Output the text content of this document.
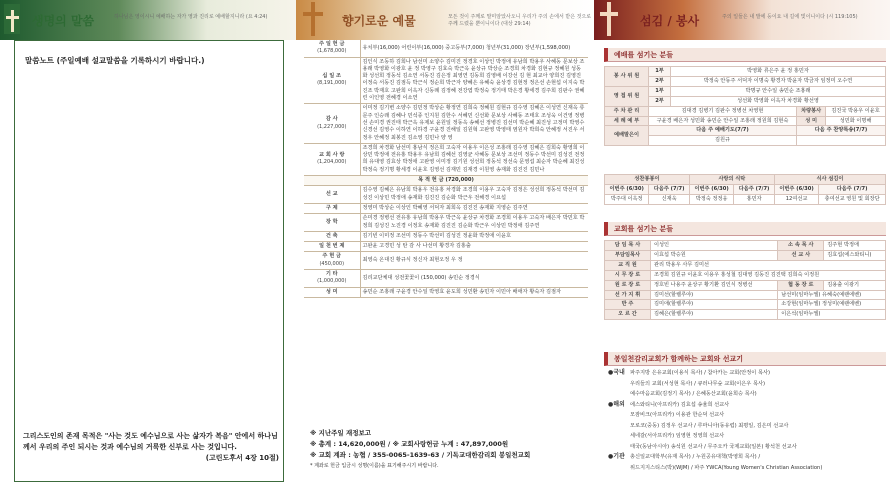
생명의 말씀	하나님은 영이시니 예배하는 자가 영과 진리로 예배할지니라 (요 4:24)
말씀노트 (주일예배 설교말씀을 기록하시기 바랍니다.)
그리스도인의 존재 목적은 "사는 것도 예수님으로 사는 삶자가 복음" 안에서 하나님께서 우리의 주인 되시는 것과 예수님의 거룩한 신부로 사는 것입니다.
(고린도후서 4장 10절)
향기로운 예물	모든 것이 주께로 말미암았사오니 우리가 주의 손에서 받은 것으로 주께 드렸을 뿐이니이다 (대상 29:14)
주 일 헌 금
(1,678,000)	유치부(16,000) 어린이부(16,000) 중고등부(7,000) 청년부(31,000) 장년부(1,598,000)
십 일 조
(8,191,000)	김인식 조동하 김희나 남선미 소양수 김미진 정경호 이상인 박정애 유남희 박용우 사혜동 문보상 조용래 박영화 이광호 윤 정 박영구 김효숙 박근옥 윤상규 박상순 조경희 차경화 김현규 정혜원 성동화 성선희 정동석 김소연 서동진 김은정 최영연 김동희 김영배 이강선 김 현 최교아 양희진 김영진 이정숙 서동진 김점득 박근식 정순희 박근자 양혜은 유혜숙 윤상경 김현정 정은선 손현섭 이지숙 박진조 박재호 고완희 이옥자 신동례 김정혜 전강엽 박정숙 정기태 박은경 황세경 김주희 김판수 권혜린 이인영 전혜경 이소연
감 사
(1,227,000)	이미정 김기변 소양수 김민정 박상순 황정연 김희숙 정혜원 김현규 김수영 김혜은 이성연 신재옥 류문주 인승래 김혜나 민석종 인지원 김한수 서혜민 신선화 문보상 사혜동 조태호 조성욱 이건영 정병선 손미경 권진태 박근옥 유제보 윤원일 정동옥 송혜선 정병진 김선미 박순혜 최진성 고정미 박영수 신경선 김영수 이하연 이하경 구윤경 진해일 김원혁 고완영 박영태 염원자 박희숙 안혜정 서진우 서정우 안혜정 최봉진 김소영 김민나 양 영
교 회 사 랑
(1,204,000)	조경희 차경화 남선미 홍남식 정은희 고숙자 이용우 이은성 조홍래 김수영 김혜은 김희숙 황영희 이상민 박정애 전유홍 박용우 유남희 김혜선 김영균 사혜동 문보상 조선미 정동수 박선미 김성진 전정희 유대영 김효상 박정애 고완영 이미정 김기원 성선희 정동석 정선숙 문영섭 최순자 박순혜 최진성 박정숙 정기명 황세경 이윤호 김영선 김재민 김재경 이원영 송재화 김진진 김민나
목 적 헌 금 (720,000)	
선 교	김수영 김혜은 유남희 박용우 전유홍 차경화 조경희 이용우 고숙자 김정은 성선희 정동석 박선미 김성진 이상민 박정애 송재화 김진진 김순화 박근우 전해경 이요섭
구 제	정영미 박상순 이상인 박혜영 서덕자 최희옥 김진진 송재화 지영순 김주연
장 학	손미경 정병선 전유홍 유남희 박용우 박근옥 윤상규 차경화 조경희 이용우 고숙자 배은자 박민호 박정희 김성진 노진경 이정호 송재화 김진진 김순화 박근우 이상민 박정애 김주연
건 축	김기빈 이미정 조선미 정동수 박선미 김성진 정윤화 박정애 이윤호
일 천 번 제	고완윤 고경민 성 탄 감 사 나선미 황경자 김홍출
주 현 금
(450,000)	최영숙 온대진 황규식 정신자 최현오정 우 정
기 타
(1,000,000)	김리교단체대 성전꽃꽃이 (150,000) 송민순 정경식
성 미	송민순 조홍래 구윤경 안수일 박영효 윤도희 성민환 송민자 이민아 배애자 황숙자 김점자
※ 지난주일 재정보고
※ 총계 : 14,620,000원 / ※ 교회사랑헌금 누계 : 47,897,000원
※ 교회 계좌 : 농협 / 355-0065-1639-63 / 기독교대한감리회 봉일천교회
* 계좌로 헌금 입금시 성명(이름)을 표기해주시기 바랍니다.
섬김 / 봉사	주의 일들은 내 발에 등이요 내 길에 빛이니이다 (시 119:105)
예배를 섬기는 분들
봉 사 위 원	1부	박영화 류은주 윤 정 홍민자		
	2부	박정숙 안동주 서덕자 이명숙 황경자 박윤자 박금자 임정미 오수연		
영 접 위 원	1부	박명규 안수일 송민순 조홍래		
	2부	성선화 박영화 이옥자 차경화 황선영		
주 차 관 리	김대경 김병기 김판수 정병선 차영현		차량봉사	김진국 박용우 이윤호
세 례 예 부	구윤경 배은자 성민화 송민순 안수일 조홍래 정원희 김현숙		성 미	성민화 이명해
예배말은이	다음 주 예배기도(7/7)		다음 주 찬양특송(7/7)	
	김원규			
교회를 섬기는 분들
담 임 목 사	이성인	소 속 목 사	김주현 박정애
부담임목사	이효섭 박승원	선 교 사	김효섭(에스와티니)
교 직 원	관리 박용우 사무 김미선		
시 무 장 로	조경희 김원규 이윤호 이용우 홍성철 김대영 김동진 김진택 김희숙 이정원		
원 로 장 로	정호빈 나용주 윤상구 황기환 김인식 정병선	협 동 장 로	김용출 이광기
선 가 지 휘	김미선(할렐루야)	남선미(임마누엘) 유혜숙(예랜에벤)	
반 주	김미애(할렐루야)	소강현(임마누엘) 정성미(예랜에벤)	
오 르 간	김혜은(할렐루야)	이은석(임마누엘)	
봉일천감리교회가 함께하는 교회와 선교기
●국내 파주지방 은유교회(이용식 목사) / 참아카는 교회(안정이 목사)
우리들의 교회(서성현 목사) / 큐러나무숲 교회(이은우 목사)
예수마음교회(김정기 목사) / 은혜동산교회(윤희승 목사)
●해외 에스와티니(아프리카) 김효섭 송율희 선교사
모잠비크(아프리카) 이용관 한순덕 선교사
모로코(중동) 김정우 선교사 / 루마니아(동유럽) 최평일, 김은미 선교사
세네갈(서아프리카) 임영현 정영희 선교사
태국(동남아시아) 송석원 선교사 / 무주오카 국제교회(일본) 황석천 선교사
●기관 총신일교대학부(유재 목사) / 누원공유대책(박영희 목사) /
위드지지스티스(박)(WJM) / 파주 YWCA(Young Women's Christian Association)
성찬봉봉이		사랑의 식탁		식사 섬김이	
이번주 (6/30)	다음주 (7/7)	이번주 (6/30)	다음주 (7/7)	이번주 (6/30)	다음주 (7/7)
박주대 이옥정	신재욱	박정숙 정정웅	홍민자	12여선교	충여선교 영원 및 회장단
